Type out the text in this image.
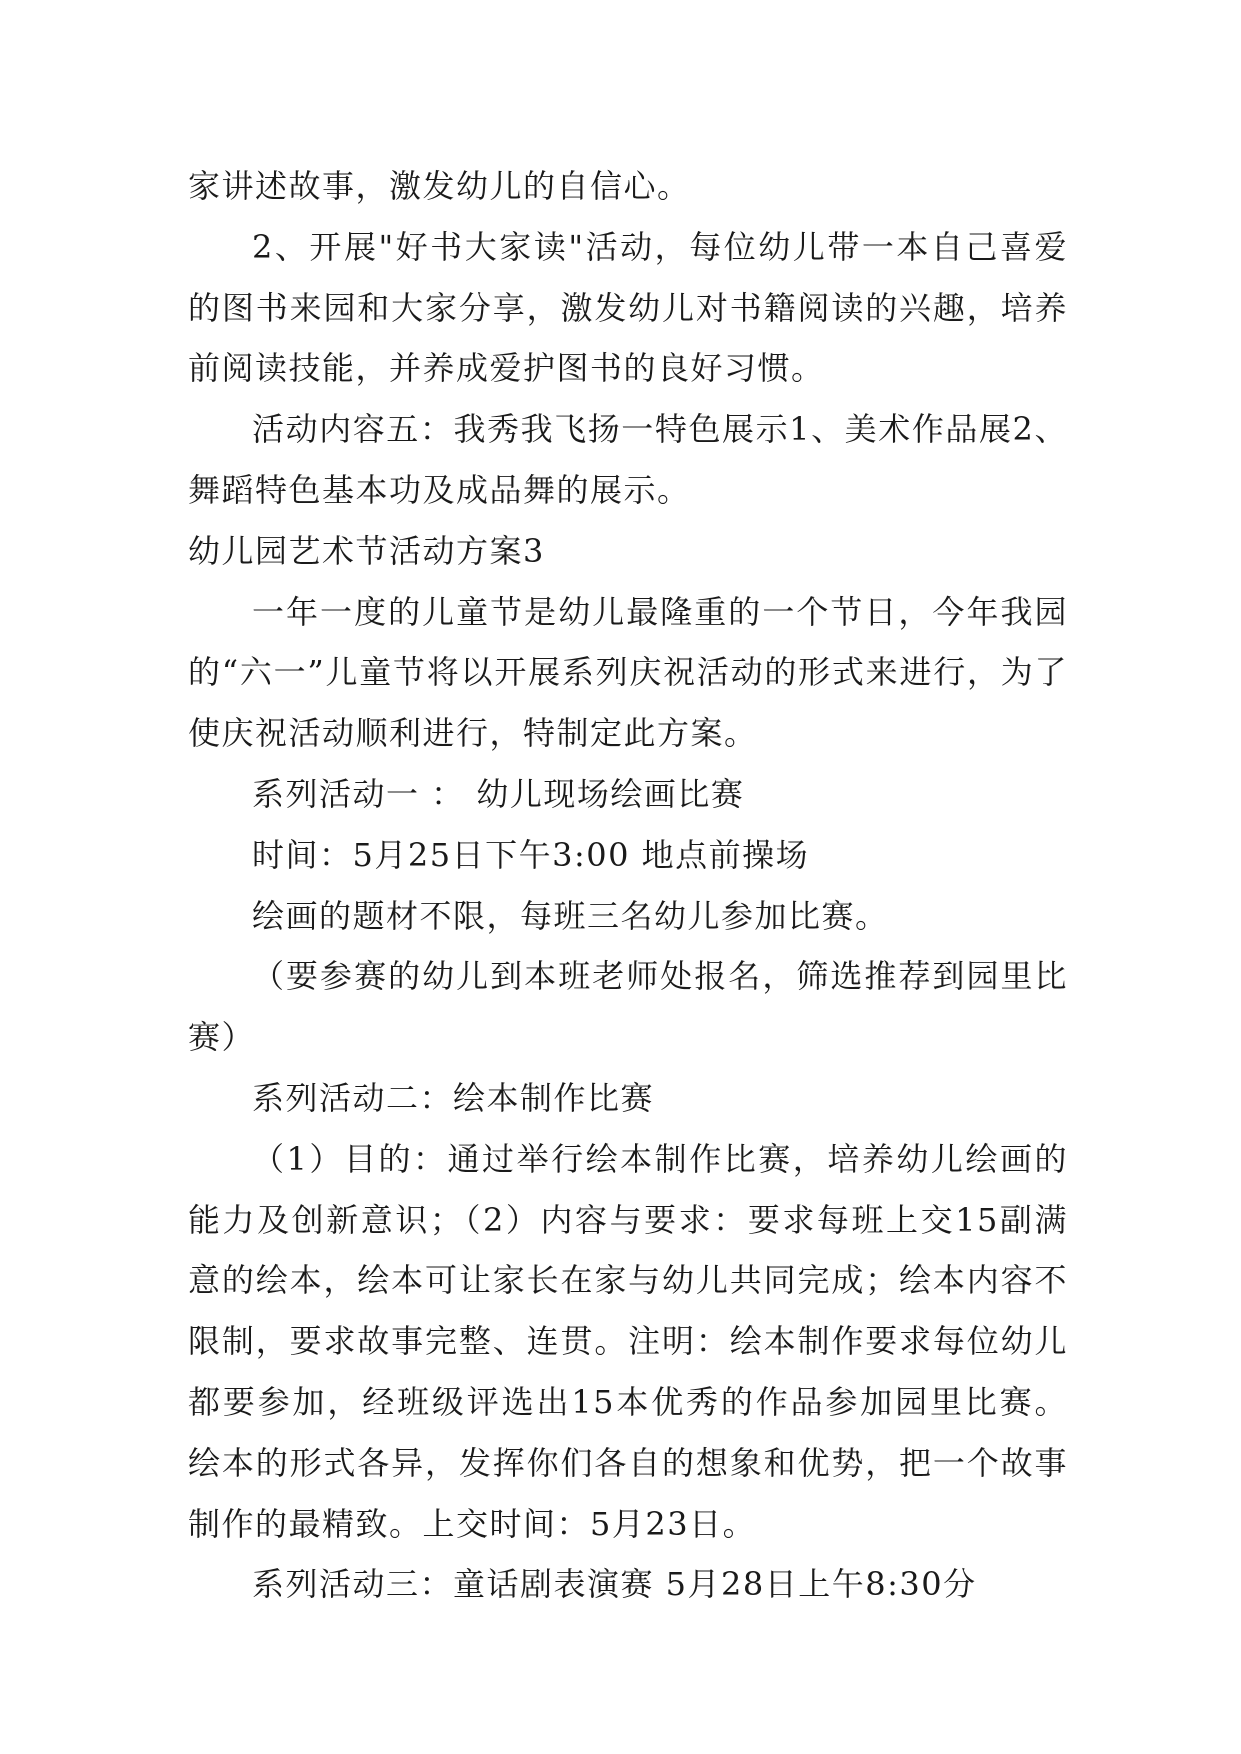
家讲述故事，激发幼儿的自信心。

2、开展"好书大家读"活动，每位幼儿带一本自己喜爱的图书来园和大家分享，激发幼儿对书籍阅读的兴趣，培养前阅读技能，并养成爱护图书的良好习惯。

活动内容五：我秀我飞扬一特色展示1、美术作品展2、舞蹈特色基本功及成品舞的展示。

幼儿园艺术节活动方案3

一年一度的儿童节是幼儿最隆重的一个节日，今年我园的“六一”儿童节将以开展系列庆祝活动的形式来进行，为了使庆祝活动顺利进行，特制定此方案。

系列活动一 ： 幼儿现场绘画比赛

时间：5月25日下午3:00 地点前操场

绘画的题材不限，每班三名幼儿参加比赛。

（要参赛的幼儿到本班老师处报名，筛选推荐到园里比赛）

系列活动二：绘本制作比赛

（1）目的：通过举行绘本制作比赛，培养幼儿绘画的能力及创新意识；（2）内容与要求：要求每班上交15副满意的绘本，绘本可让家长在家与幼儿共同完成；绘本内容不限制，要求故事完整、连贯。注明：绘本制作要求每位幼儿都要参加，经班级评选出15本优秀的作品参加园里比赛。绘本的形式各异，发挥你们各自的想象和优势，把一个故事制作的最精致。上交时间：5月23日。

系列活动三：童话剧表演赛 5月28日上午8:30分
